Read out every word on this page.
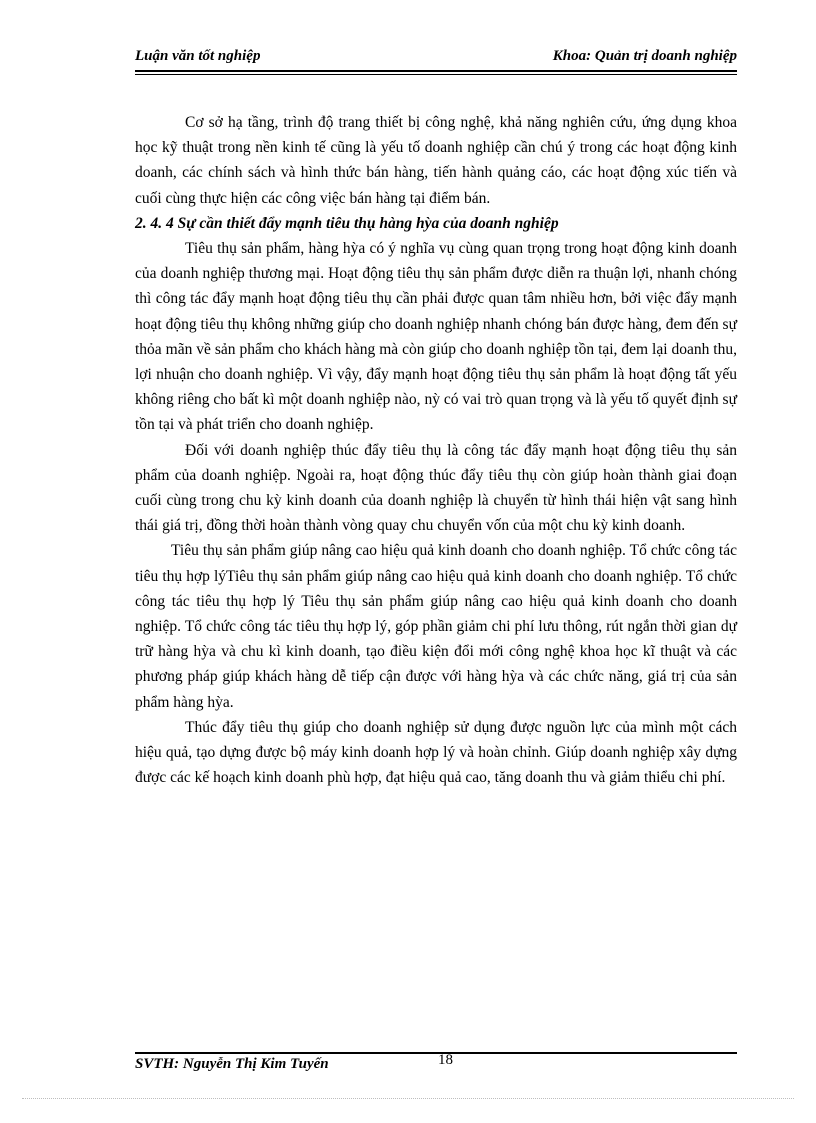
Luận văn tốt nghiệp	Khoa: Quản trị doanh nghiệp

Cơ sở hạ tầng, trình độ trang thiết bị công nghệ, khả năng nghiên cứu, ứng dụng khoa học kỹ thuật trong nền kinh tế cũng là yếu tố doanh nghiệp cần chú ý trong các hoạt động kinh doanh, các chính sách và hình thức bán hàng, tiến hành quảng cáo, các hoạt động xúc tiến và cuối cùng thực hiện các công việc bán hàng tại điểm bán.

2. 4. 4 Sự cần thiết đẩy mạnh tiêu thụ hàng hỳa của doanh nghiệp

Tiêu thụ sản phẩm, hàng hỳa có ý nghĩa vụ cùng quan trọng trong hoạt động kinh doanh của doanh nghiệp thương mại. Hoạt động tiêu thụ sản phẩm được diễn ra thuận lợi, nhanh chóng thì công tác đẩy mạnh hoạt động tiêu thụ cần phải được quan tâm nhiều hơn, bởi việc đẩy mạnh hoạt động tiêu thụ không những giúp cho doanh nghiệp nhanh chóng bán được hàng, đem đến sự thỏa mãn về sản phẩm cho khách hàng mà còn giúp cho doanh nghiệp tồn tại, đem lại doanh thu, lợi nhuận cho doanh nghiệp. Vì vậy, đẩy mạnh hoạt động tiêu thụ sản phẩm là hoạt động tất yếu không riêng cho bất kì một doanh nghiệp nào, nỳ có vai trò quan trọng và là yếu tố quyết định sự tồn tại và phát triển cho doanh nghiệp.

Đối với doanh nghiệp thúc đẩy tiêu thụ là công tác đẩy mạnh hoạt động tiêu thụ sản phẩm của doanh nghiệp. Ngoài ra, hoạt động thúc đẩy tiêu thụ còn giúp hoàn thành giai đoạn cuối cùng trong chu kỳ kinh doanh của doanh nghiệp là chuyển từ hình thái hiện vật sang hình thái giá trị, đồng thời hoàn thành vòng quay chu chuyển vốn của một chu kỳ kinh doanh.

Tiêu thụ sản phẩm giúp nâng cao hiệu quả kinh doanh cho doanh nghiệp. Tổ chức công tác tiêu thụ hợp lýTiêu thụ sản phẩm giúp nâng cao hiệu quả kinh doanh cho doanh nghiệp. Tổ chức công tác tiêu thụ hợp lý Tiêu thụ sản phẩm giúp nâng cao hiệu quả kinh doanh cho doanh nghiệp. Tổ chức công tác tiêu thụ hợp lý, góp phần giảm chi phí lưu thông, rút ngắn thời gian dự trữ hàng hỳa và chu kì kinh doanh, tạo điều kiện đổi mới công nghệ khoa học kĩ thuật và các phương pháp giúp khách hàng dễ tiếp cận được với hàng hỳa và các chức năng, giá trị của sản phẩm hàng hỳa.

Thúc đẩy tiêu thụ giúp cho doanh nghiệp sử dụng được nguồn lực của mình một cách hiệu quả, tạo dựng được bộ máy kinh doanh hợp lý và hoàn chỉnh. Giúp doanh nghiệp xây dựng được các kế hoạch kinh doanh phù hợp, đạt hiệu quả cao, tăng doanh thu và giảm thiểu chi phí.

SVTH: Nguyễn Thị Kim Tuyến	18
